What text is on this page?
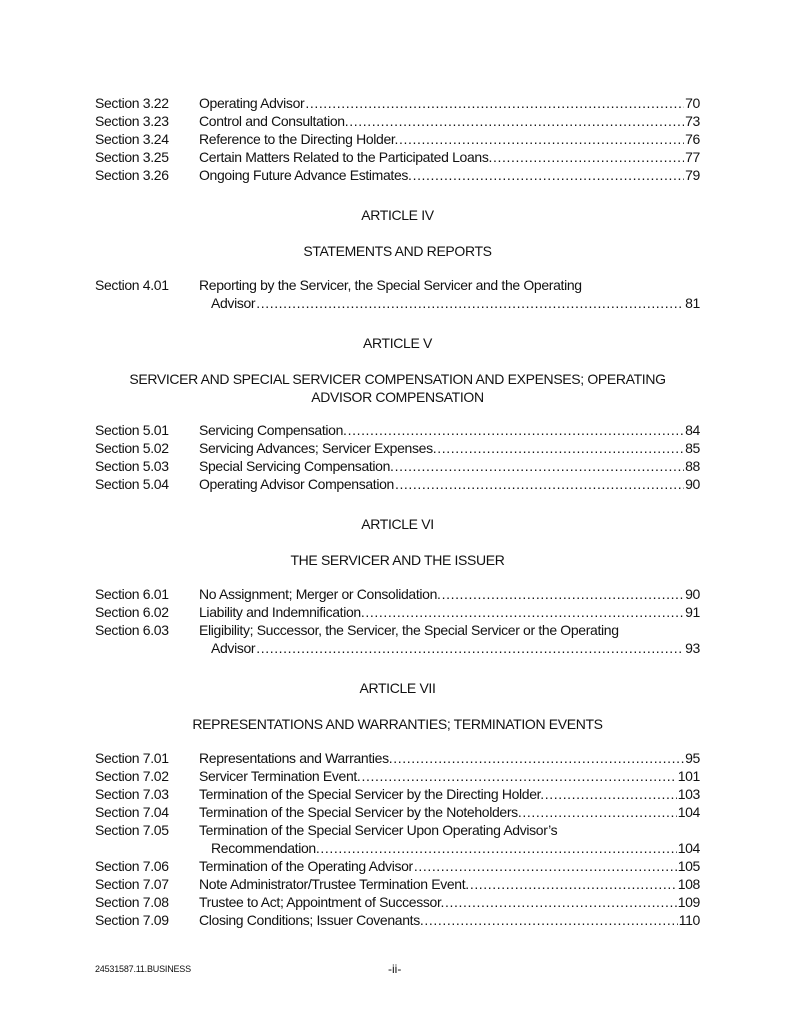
Section 3.22	Operating Advisor .....	70
Section 3.23	Control and Consultation. .....	73
Section 3.24	Reference to the Directing Holder. .....	76
Section 3.25	Certain Matters Related to the Participated Loans. .....	77
Section 3.26	Ongoing Future Advance Estimates. .....	79
ARTICLE IV
STATEMENTS AND REPORTS
Section 4.01	Reporting by the Servicer, the Special Servicer and the Operating
Advisor .....	81
ARTICLE V
SERVICER AND SPECIAL SERVICER COMPENSATION AND EXPENSES; OPERATING
ADVISOR COMPENSATION
Section 5.01	Servicing Compensation. .....	84
Section 5.02	Servicing Advances; Servicer Expenses. .....	85
Section 5.03	Special Servicing Compensation. .....	88
Section 5.04	Operating Advisor Compensation .....	90
ARTICLE VI
THE SERVICER AND THE ISSUER
Section 6.01	No Assignment; Merger or Consolidation. .....	90
Section 6.02	Liability and Indemnification. .....	91
Section 6.03	Eligibility; Successor, the Servicer, the Special Servicer or the Operating
Advisor .....	93
ARTICLE VII
REPRESENTATIONS AND WARRANTIES; TERMINATION EVENTS
Section 7.01	Representations and Warranties. .....	95
Section 7.02	Servicer Termination Event. .....	101
Section 7.03	Termination of the Special Servicer by the Directing Holder. .....	103
Section 7.04	Termination of the Special Servicer by the Noteholders. .....	104
Section 7.05	Termination of the Special Servicer Upon Operating Advisor’s
Recommendation. .....	104
Section 7.06	Termination of the Operating Advisor .....	105
Section 7.07	Note Administrator/Trustee Termination Event. .....	108
Section 7.08	Trustee to Act; Appointment of Successor. .....	109
Section 7.09	Closing Conditions; Issuer Covenants. .....	110
24531587.11.BUSINESS	-ii-
